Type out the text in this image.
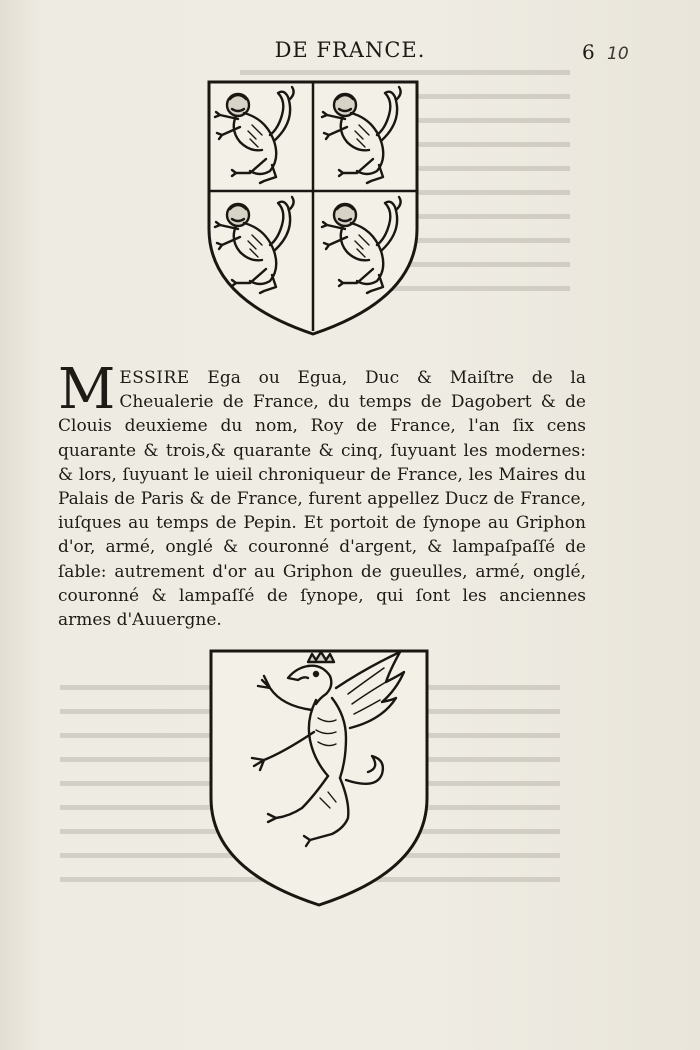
DE FRANCE.	6 10
M ESSIRE Ega ou Egua, Duc & Maiſtre de la Cheualerie de France, du temps de Dagobert & de Clouis deuxieme du nom, Roy de France, l'an ſix cens quarante & trois,& quarante & cinq, ſuyuant les modernes: & lors, ſuyuant le uieil chroniqueur de France, les Maires du Palais de Paris & de France, furent appellez Ducz de France, iuſques au temps de Pepin. Et portoit de ſynope au Griphon d'or, armé, onglé & couronné d'argent, & lampaſpaſſé de ſable: autrement d'or au Griphon de gueulles, armé, onglé, couronné & lampaſſé de ſynope, qui ſont les anciennes armes d'Auuergne.
